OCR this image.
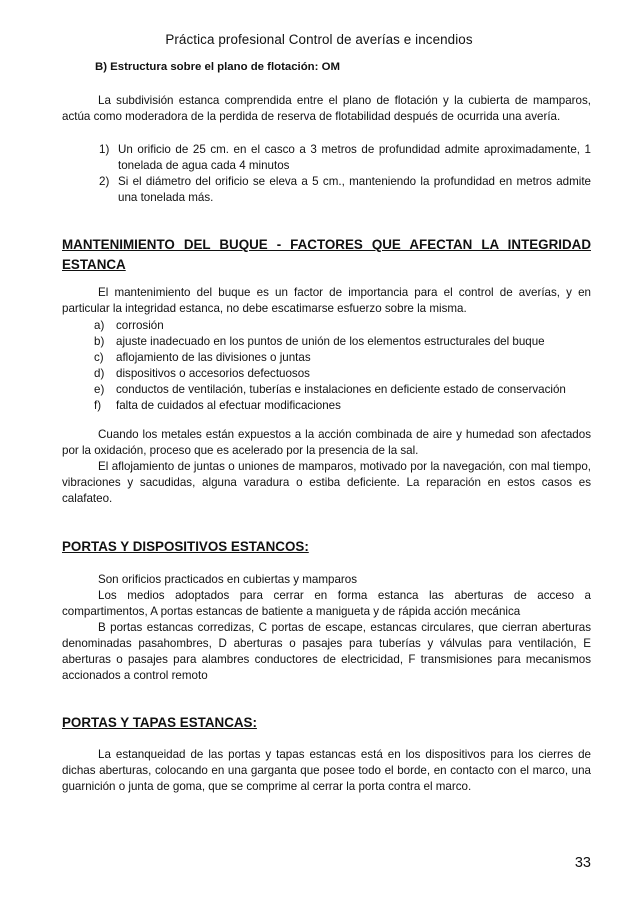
Práctica profesional Control de averías e incendios
B) Estructura sobre el plano de flotación: OM
La subdivisión estanca comprendida entre el plano de flotación y la cubierta de mamparos, actúa como moderadora de la perdida de reserva de flotabilidad después de ocurrida una avería.
1) Un orificio de 25 cm. en el casco a 3 metros de profundidad admite aproximadamente, 1 tonelada de agua cada 4 minutos
2) Si el diámetro del orificio se eleva a 5 cm., manteniendo la profundidad en metros admite una tonelada más.
MANTENIMIENTO DEL BUQUE - FACTORES QUE AFECTAN LA INTEGRIDAD ESTANCA
El mantenimiento del buque es un factor de importancia para el control de averías, y en particular la integridad estanca, no debe escatimarse esfuerzo sobre la misma.
a) corrosión
b) ajuste inadecuado en los puntos de unión de los elementos estructurales del buque
c) aflojamiento de las divisiones o juntas
d) dispositivos o accesorios defectuosos
e) conductos de ventilación, tuberías e instalaciones en deficiente estado de conservación
f) falta de cuidados al efectuar modificaciones
Cuando los metales están expuestos a la acción combinada de aire y humedad son afectados por la oxidación, proceso que es acelerado por la presencia de la sal.
El aflojamiento de juntas o uniones de mamparos, motivado por la navegación, con mal tiempo, vibraciones y sacudidas, alguna varadura o estiba deficiente. La reparación en estos casos es calafateo.
PORTAS Y DISPOSITIVOS ESTANCOS:
Son orificios practicados en cubiertas y mamparos
Los medios adoptados para cerrar en forma estanca las aberturas de acceso a compartimentos, A portas estancas de batiente a manigueta y de rápida acción mecánica
B portas estancas corredizas, C portas de escape, estancas circulares, que cierran aberturas denominadas pasahombres, D aberturas o pasajes para tuberías y válvulas para ventilación, E aberturas o pasajes para alambres conductores de electricidad, F transmisiones para mecanismos accionados a control remoto
PORTAS Y TAPAS ESTANCAS:
La estanqueidad de las portas y tapas estancas está en los dispositivos para los cierres de dichas aberturas, colocando en una garganta que posee todo el borde, en contacto con el marco, una guarnición o junta de goma, que se comprime al cerrar la porta contra el marco.
33
